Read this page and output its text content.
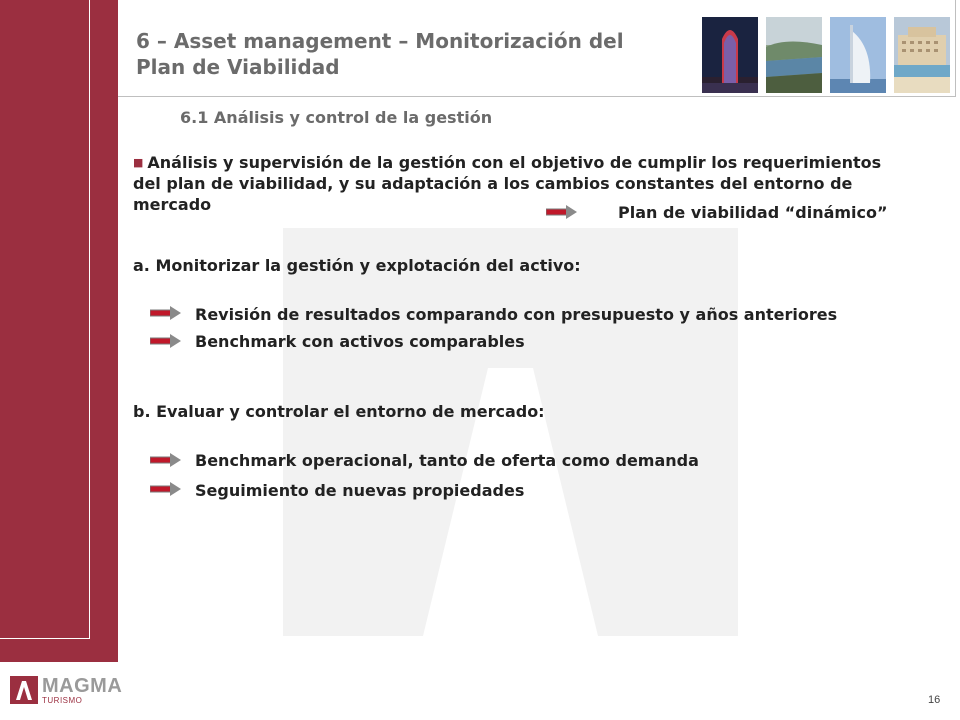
6 – Asset management – Monitorización del
Plan de Viabilidad
6.1 Análisis y control de la gestión
■ Análisis y supervisión de la gestión con el objetivo de cumplir los requerimientos del plan de viabilidad, y su adaptación a los cambios constantes del entorno de mercado	Plan de viabilidad “dinámico”
a. Monitorizar la gestión y explotación del activo:
Revisión de resultados comparando con presupuesto y años anteriores
Benchmark con activos comparables
b. Evaluar y controlar el entorno de mercado:
Benchmark operacional, tanto de oferta como demanda
Seguimiento de nuevas propiedades
MAGMA
TURISMO	16
